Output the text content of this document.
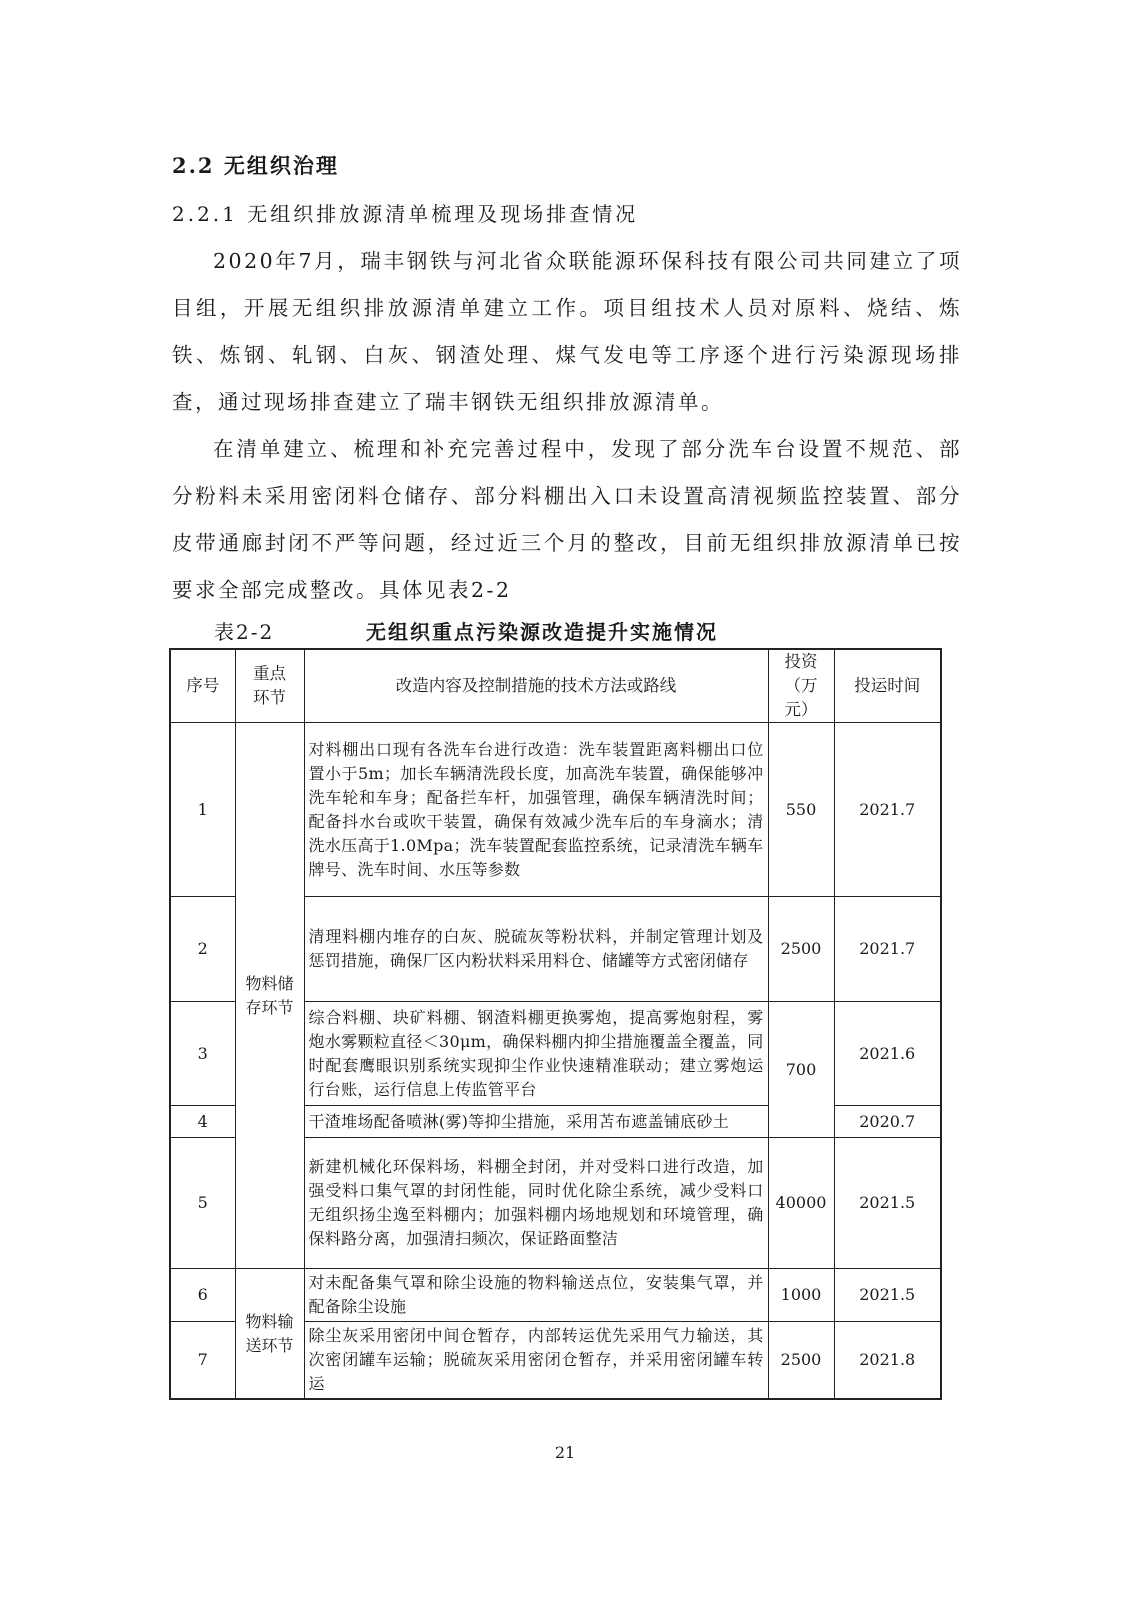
2.2 无组织治理
2.2.1 无组织排放源清单梳理及现场排查情况

2020年7月，瑞丰钢铁与河北省众联能源环保科技有限公司共同建立了项目组，开展无组织排放源清单建立工作。项目组技术人员对原料、烧结、炼铁、炼钢、轧钢、白灰、钢渣处理、煤气发电等工序逐个进行污染源现场排查，通过现场排查建立了瑞丰钢铁无组织排放源清单。

在清单建立、梳理和补充完善过程中，发现了部分洗车台设置不规范、部分粉料未采用密闭料仓储存、部分料棚出入口未设置高清视频监控装置、部分皮带通廊封闭不严等问题，经过近三个月的整改，目前无组织排放源清单已按要求全部完成整改。具体见表2-2

表2-2	无组织重点污染源改造提升实施情况
序号	重点环节	改造内容及控制措施的技术方法或路线	投资（万元）	投运时间
1	物料储存环节	对料棚出口现有各洗车台进行改造：洗车装置距离料棚出口位置小于5m；加长车辆清洗段长度，加高洗车装置，确保能够冲洗车轮和车身；配备拦车杆，加强管理，确保车辆清洗时间；配备抖水台或吹干装置，确保有效减少洗车后的车身滴水；清洗水压高于1.0Mpa；洗车装置配套监控系统，记录清洗车辆车牌号、洗车时间、水压等参数	550	2021.7
2		清理料棚内堆存的白灰、脱硫灰等粉状料，并制定管理计划及惩罚措施，确保厂区内粉状料采用料仓、储罐等方式密闭储存	2500	2021.7
3		综合料棚、块矿料棚、钢渣料棚更换雾炮，提高雾炮射程，雾炮水雾颗粒直径＜30μm，确保料棚内抑尘措施覆盖全覆盖，同时配套鹰眼识别系统实现抑尘作业快速精准联动；建立雾炮运行台账，运行信息上传监管平台	700	2021.6
4		干渣堆场配备喷淋(雾)等抑尘措施，采用苫布遮盖铺底砂土		2020.7
5		新建机械化环保料场，料棚全封闭，并对受料口进行改造，加强受料口集气罩的封闭性能，同时优化除尘系统，减少受料口无组织扬尘逸至料棚内；加强料棚内场地规划和环境管理，确保料路分离，加强清扫频次，保证路面整洁	40000	2021.5
6	物料输送环节	对未配备集气罩和除尘设施的物料输送点位，安装集气罩，并配备除尘设施	1000	2021.5
7		除尘灰采用密闭中间仓暂存，内部转运优先采用气力输送，其次密闭罐车运输；脱硫灰采用密闭仓暂存，并采用密闭罐车转运	2500	2021.8
21
